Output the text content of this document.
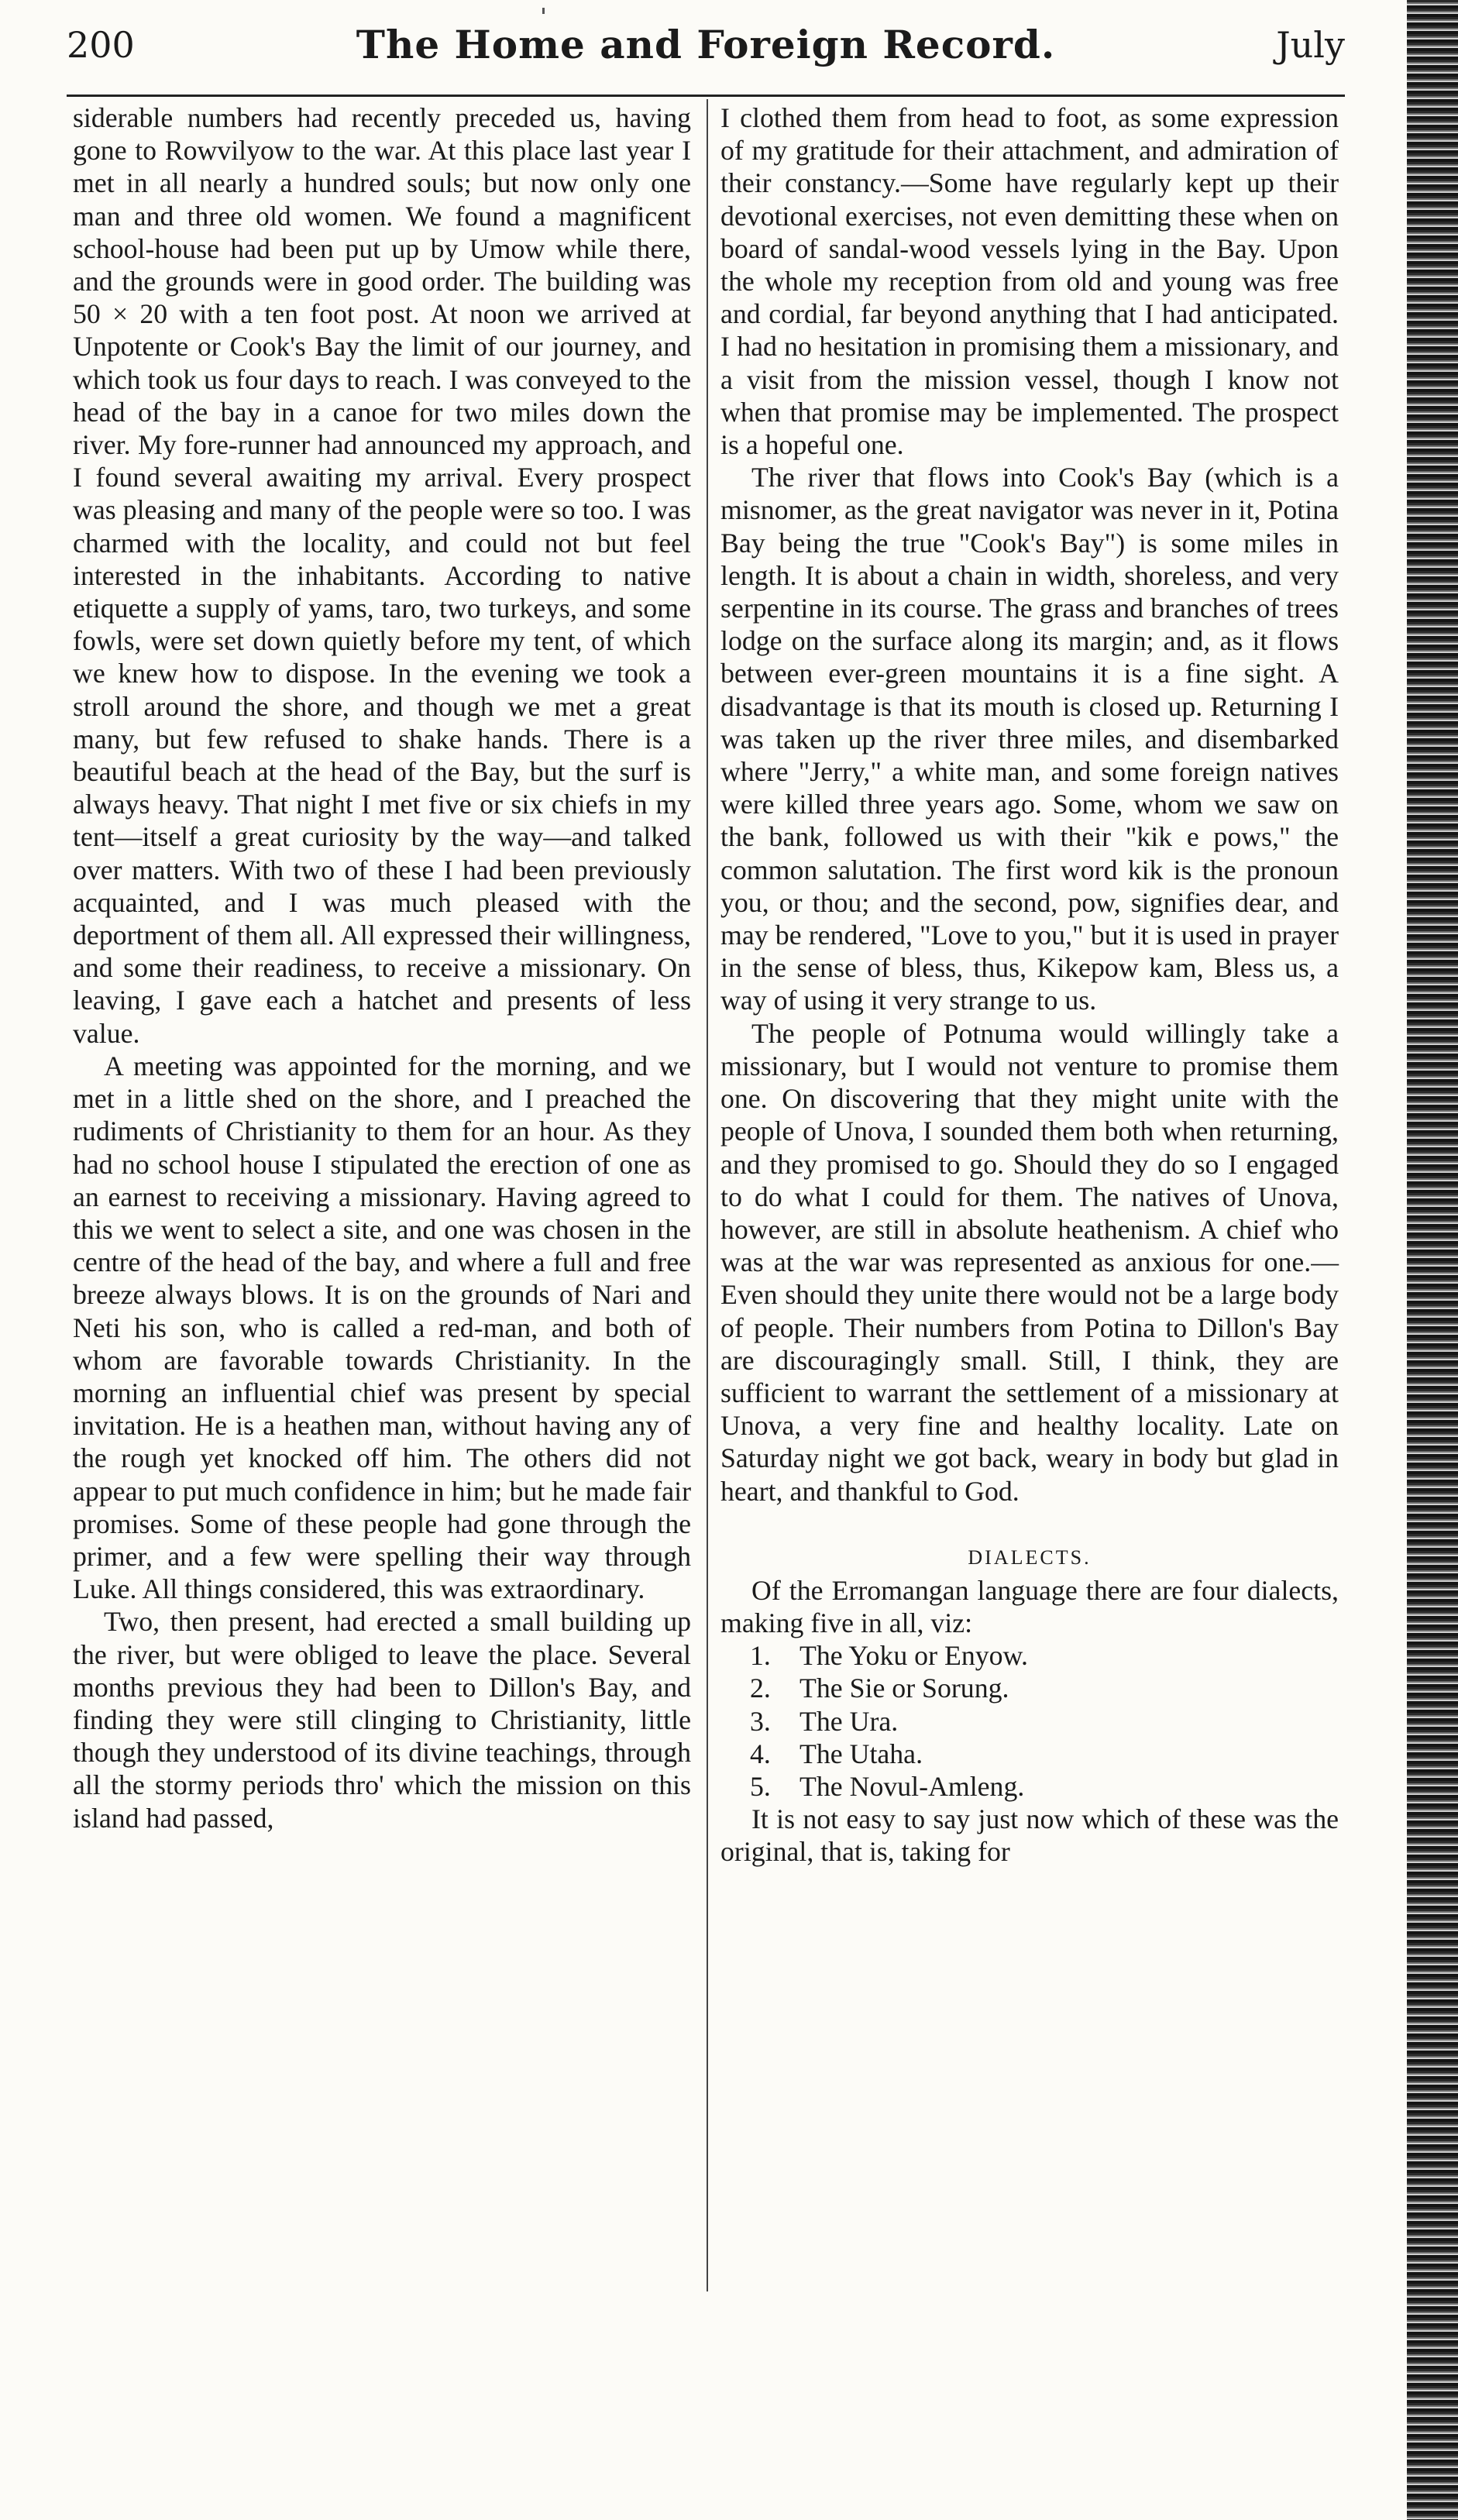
200	The Home and Foreign Record.	July

siderable numbers had recently preceded us, having gone to Rowvilyow to the war. At this place last year I met in all nearly a hundred souls; but now only one man and three old women. We found a magnificent school-house had been put up by Umow while there, and the grounds were in good order. The building was 50 × 20 with a ten foot post. At noon we arrived at Unpotente or Cook's Bay the limit of our journey, and which took us four days to reach. I was conveyed to the head of the bay in a canoe for two miles down the river. My fore-runner had announced my approach, and I found several awaiting my arrival. Every prospect was pleasing and many of the people were so too. I was charmed with the locality, and could not but feel interested in the inhabitants. According to native etiquette a supply of yams, taro, two turkeys, and some fowls, were set down quietly before my tent, of which we knew how to dispose. In the evening we took a stroll around the shore, and though we met a great many, but few refused to shake hands. There is a beautiful beach at the head of the Bay, but the surf is always heavy. That night I met five or six chiefs in my tent—itself a great curiosity by the way—and talked over matters. With two of these I had been previously acquainted, and I was much pleased with the deportment of them all. All expressed their willingness, and some their readiness, to receive a missionary. On leaving, I gave each a hatchet and presents of less value.

A meeting was appointed for the morning, and we met in a little shed on the shore, and I preached the rudiments of Christianity to them for an hour. As they had no school house I stipulated the erection of one as an earnest to receiving a missionary. Having agreed to this we went to select a site, and one was chosen in the centre of the head of the bay, and where a full and free breeze always blows. It is on the grounds of Nari and Neti his son, who is called a red-man, and both of whom are favorable towards Christianity. In the morning an influential chief was present by special invitation. He is a heathen man, without having any of the rough yet knocked off him. The others did not appear to put much confidence in him; but he made fair promises. Some of these people had gone through the primer, and a few were spelling their way through Luke. All things considered, this was extraordinary.

Two, then present, had erected a small building up the river, but were obliged to leave the place. Several months previous they had been to Dillon's Bay, and finding they were still clinging to Christianity, little though they understood of its divine teachings, through all the stormy periods thro' which the mission on this island had passed,

I clothed them from head to foot, as some expression of my gratitude for their attachment, and admiration of their constancy.—Some have regularly kept up their devotional exercises, not even demitting these when on board of sandal-wood vessels lying in the Bay. Upon the whole my reception from old and young was free and cordial, far beyond anything that I had anticipated. I had no hesitation in promising them a missionary, and a visit from the mission vessel, though I know not when that promise may be implemented. The prospect is a hopeful one.

The river that flows into Cook's Bay (which is a misnomer, as the great navigator was never in it, Potina Bay being the true "Cook's Bay") is some miles in length. It is about a chain in width, shoreless, and very serpentine in its course. The grass and branches of trees lodge on the surface along its margin; and, as it flows between ever-green mountains it is a fine sight. A disadvantage is that its mouth is closed up. Returning I was taken up the river three miles, and disembarked where "Jerry," a white man, and some foreign natives were killed three years ago. Some, whom we saw on the bank, followed us with their "kik e pows," the common salutation. The first word kik is the pronoun you, or thou; and the second, pow, signifies dear, and may be rendered, "Love to you," but it is used in prayer in the sense of bless, thus, Kikepow kam, Bless us, a way of using it very strange to us.

The people of Potnuma would willingly take a missionary, but I would not venture to promise them one. On discovering that they might unite with the people of Unova, I sounded them both when returning, and they promised to go. Should they do so I engaged to do what I could for them. The natives of Unova, however, are still in absolute heathenism. A chief who was at the war was represented as anxious for one.—Even should they unite there would not be a large body of people. Their numbers from Potina to Dillon's Bay are discouragingly small. Still, I think, they are sufficient to warrant the settlement of a missionary at Unova, a very fine and healthy locality. Late on Saturday night we got back, weary in body but glad in heart, and thankful to God.

DIALECTS.

Of the Erromangan language there are four dialects, making five in all, viz:

1. The Yoku or Enyow.
2. The Sie or Sorung.
3. The Ura.
4. The Utaha.
5. The Novul-Amleng.

It is not easy to say just now which of these was the original, that is, taking for
